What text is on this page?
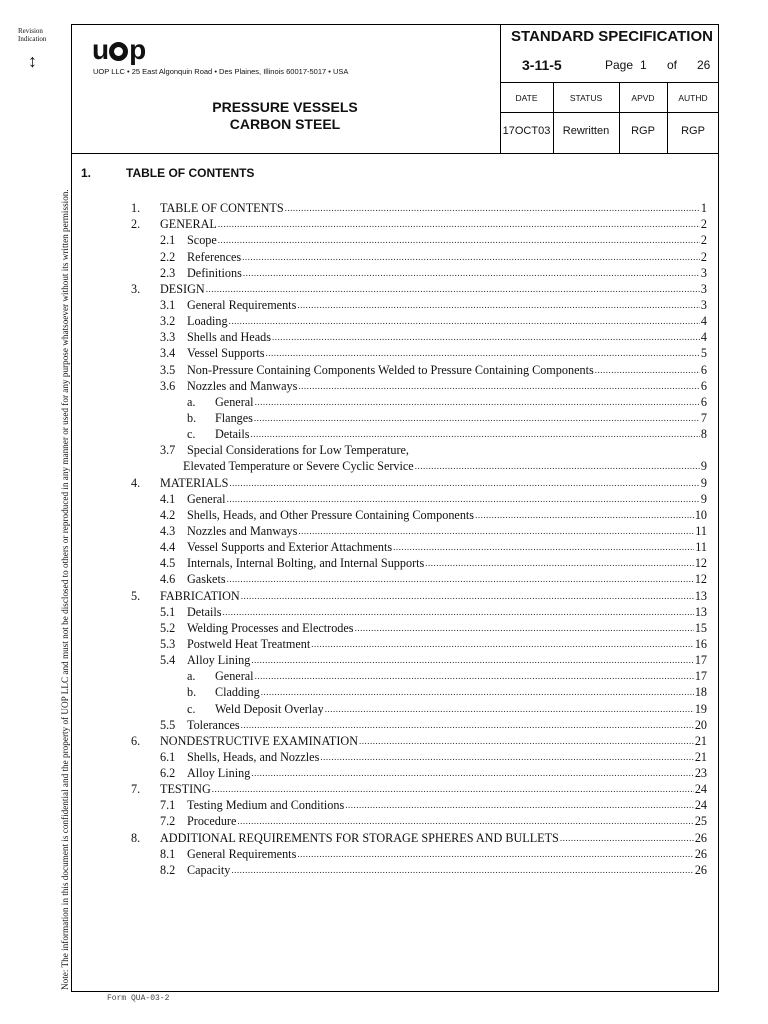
Revision Indication
↕
Note: The information in this document is confidential and the property of UOP LLC and must not be disclosed to others or reproduced in any manner or used for any purpose whatsoever without its written permission.
u p
UOP LLC • 25 East Algonquin Road • Des Plaines, Illinois 60017-5017 • USA
PRESSURE VESSELS
CARBON STEEL
STANDARD SPECIFICATION
3-11-5	Page 1 of 26
DATE	STATUS	APVD	AUTHD
17OCT03	Rewritten	RGP	RGP
1.	TABLE OF CONTENTS
1.	TABLE OF CONTENTS .....	1
2.	GENERAL .....	2
2.1 Scope .....	2
2.2 References .....	2
2.3 Definitions .....	3
3.	DESIGN .....	3
3.1 General Requirements .....	3
3.2 Loading .....	4
3.3 Shells and Heads .....	4
3.4 Vessel Supports .....	5
3.5 Non-Pressure Containing Components Welded to Pressure Containing Components .....	6
3.6 Nozzles and Manways .....	6
a.	General .....	6
b.	Flanges .....	7
c.	Details .....	8
3.7 Special Considerations for Low Temperature,
Elevated Temperature or Severe Cyclic Service .....	9
4.	MATERIALS .....	9
4.1 General .....	9
4.2 Shells, Heads, and Other Pressure Containing Components .....	10
4.3 Nozzles and Manways .....	11
4.4 Vessel Supports and Exterior Attachments .....	11
4.5 Internals, Internal Bolting, and Internal Supports .....	12
4.6 Gaskets .....	12
5.	FABRICATION .....	13
5.1 Details .....	13
5.2 Welding Processes and Electrodes .....	15
5.3 Postweld Heat Treatment .....	16
5.4 Alloy Lining .....	17
a.	General .....	17
b.	Cladding .....	18
c.	Weld Deposit Overlay .....	19
5.5 Tolerances .....	20
6.	NONDESTRUCTIVE EXAMINATION .....	21
6.1 Shells, Heads, and Nozzles .....	21
6.2 Alloy Lining .....	23
7.	TESTING .....	24
7.1 Testing Medium and Conditions .....	24
7.2 Procedure .....	25
8.	ADDITIONAL REQUIREMENTS FOR STORAGE SPHERES AND BULLETS .....	26
8.1 General Requirements .....	26
8.2 Capacity .....	26
Form QUA-03-2
